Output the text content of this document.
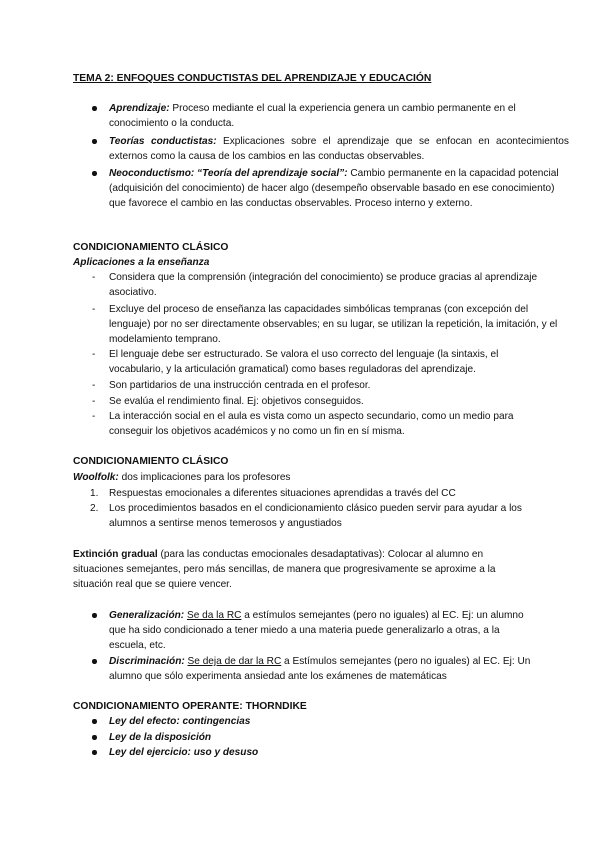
TEMA 2: ENFOQUES CONDUCTISTAS DEL APRENDIZAJE Y EDUCACIÓN
Aprendizaje: Proceso mediante el cual la experiencia genera un cambio permanente en el conocimiento o la conducta.
Teorías conductistas: Explicaciones sobre el aprendizaje que se enfocan en acontecimientos externos como la causa de los cambios en las conductas observables.
Neoconductismo: “Teoría del aprendizaje social”: Cambio permanente en la capacidad potencial (adquisición del conocimiento) de hacer algo (desempeño observable basado en ese conocimiento) que favorece el cambio en las conductas observables. Proceso interno y externo.
CONDICIONAMIENTO CLÁSICO
Aplicaciones a la enseñanza
- Considera que la comprensión (integración del conocimiento) se produce gracias al aprendizaje asociativo.
- Excluye del proceso de enseñanza las capacidades simbólicas tempranas (con excepción del lenguaje) por no ser directamente observables; en su lugar, se utilizan la repetición, la imitación, y el modelamiento temprano.
- El lenguaje debe ser estructurado. Se valora el uso correcto del lenguaje (la sintaxis, el vocabulario, y la articulación gramatical) como bases reguladoras del aprendizaje.
- Son partidarios de una instrucción centrada en el profesor.
- Se evalúa el rendimiento final. Ej: objetivos conseguidos.
- La interacción social en el aula es vista como un aspecto secundario, como un medio para conseguir los objetivos académicos y no como un fin en sí misma.
CONDICIONAMIENTO CLÁSICO
Woolfolk: dos implicaciones para los profesores
1. Respuestas emocionales a diferentes situaciones aprendidas a través del CC
2. Los procedimientos basados en el condicionamiento clásico pueden servir para ayudar a los alumnos a sentirse menos temerosos y angustiados
Extinción gradual (para las conductas emocionales desadaptativas): Colocar al alumno en situaciones semejantes, pero más sencillas, de manera que progresivamente se aproxime a la situación real que se quiere vencer.
Generalización: Se da la RC a estímulos semejantes (pero no iguales) al EC. Ej: un alumno que ha sido condicionado a tener miedo a una materia puede generalizarlo a otras, a la escuela, etc.
Discriminación: Se deja de dar la RC a Estímulos semejantes (pero no iguales) al EC. Ej: Un alumno que sólo experimenta ansiedad ante los exámenes de matemáticas
CONDICIONAMIENTO OPERANTE: THORNDIKE
Ley del efecto: contingencias
Ley de la disposición
Ley del ejercicio: uso y desuso
